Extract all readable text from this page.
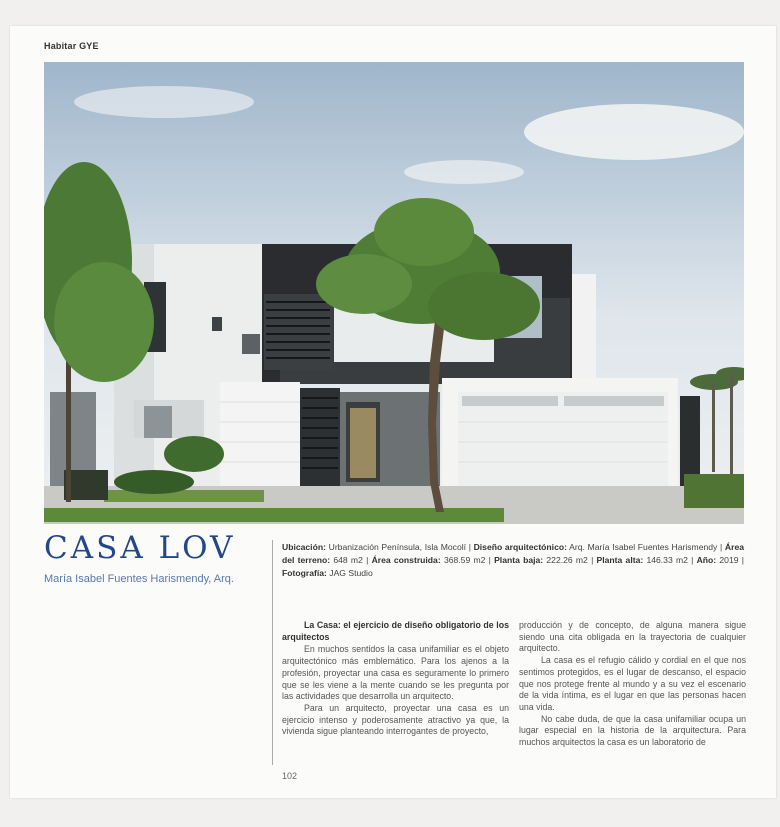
Habitar GYE
CASA LOV
María Isabel Fuentes Harismendy, Arq.
Ubicación: Urbanización Península, Isla Mocolí | Diseño arquitectónico: Arq. María Isabel Fuentes Harismendy | Área del terreno: 648 m2 | Área construida: 368.59 m2 | Planta baja: 222.26 m2 | Planta alta: 146.33 m2 | Año: 2019 | Fotografía: JAG Studio

La Casa: el ejercicio de diseño obligatorio de los arquitectos

En muchos sentidos la casa unifamiliar es el objeto arquitectónico más emblemático. Para los ajenos a la profesión, proyectar una casa es seguramente lo primero que se les viene a la mente cuando se les pregunta por las actividades que desarrolla un arquitecto.

Para un arquitecto, proyectar una casa es un ejercicio intenso y poderosamente atractivo ya que, la vivienda sigue planteando interrogantes de proyecto,

producción y de concepto, de alguna manera sigue siendo una cita obligada en la trayectoria de cualquier arquitecto.

La casa es el refugio cálido y cordial en el que nos sentimos protegidos, es el lugar de descanso, el espacio que nos protege frente al mundo y a su vez el escenario de la vida íntima, es el lugar en que las personas hacen una vida.

No cabe duda, de que la casa unifamiliar ocupa un lugar especial en la historia de la arquitectura. Para muchos arquitectos la casa es un laboratorio de

102
